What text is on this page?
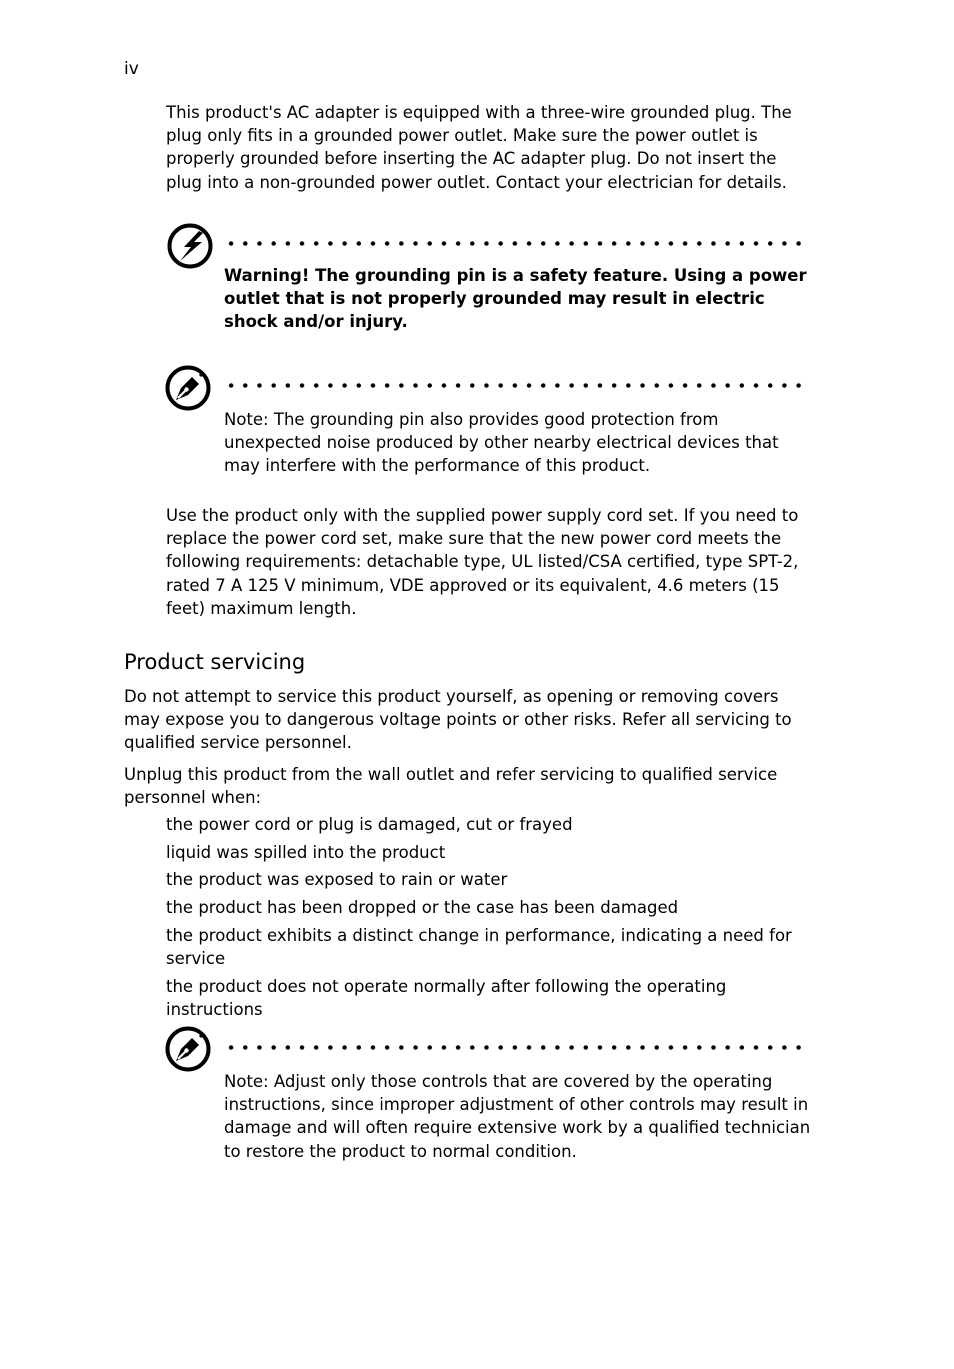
iv

This product's AC adapter is equipped with a three-wire grounded plug. The plug only fits in a grounded power outlet. Make sure the power outlet is properly grounded before inserting the AC adapter plug. Do not insert the plug into a non-grounded power outlet. Contact your electrician for details.

Warning! The grounding pin is a safety feature. Using a power outlet that is not properly grounded may result in electric shock and/or injury.

Note: The grounding pin also provides good protection from unexpected noise produced by other nearby electrical devices that may interfere with the performance of this product.

Use the product only with the supplied power supply cord set. If you need to replace the power cord set, make sure that the new power cord meets the following requirements: detachable type, UL listed/CSA certified, type SPT-2, rated 7 A 125 V minimum, VDE approved or its equivalent, 4.6 meters (15 feet) maximum length.

Product servicing

Do not attempt to service this product yourself, as opening or removing covers may expose you to dangerous voltage points or other risks. Refer all servicing to qualified service personnel.

Unplug this product from the wall outlet and refer servicing to qualified service personnel when:

the power cord or plug is damaged, cut or frayed

liquid was spilled into the product

the product was exposed to rain or water

the product has been dropped or the case has been damaged

the product exhibits a distinct change in performance, indicating a need for service

the product does not operate normally after following the operating instructions

Note: Adjust only those controls that are covered by the operating instructions, since improper adjustment of other controls may result in damage and will often require extensive work by a qualified technician to restore the product to normal condition.
